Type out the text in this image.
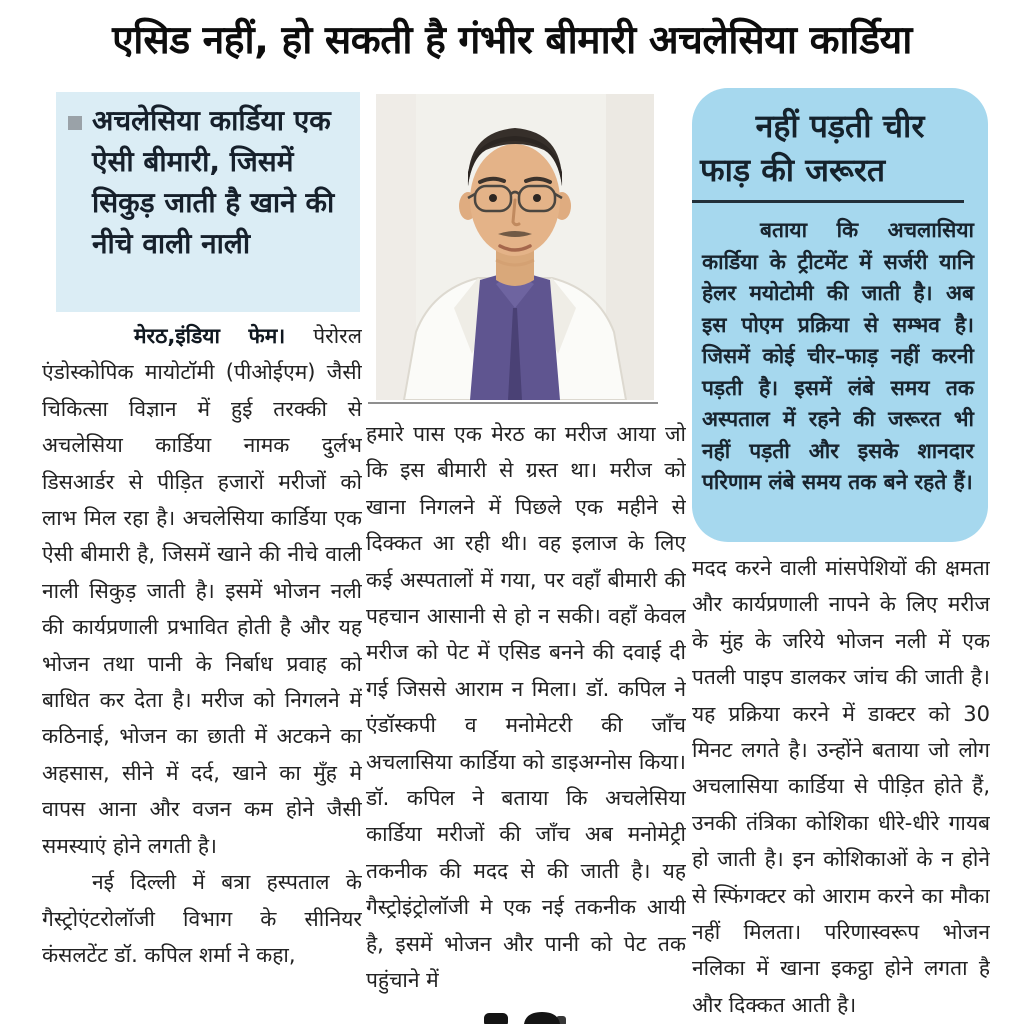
एसिड नहीं, हो सकती है गंभीर बीमारी अचलेसिया कार्डिया
अचलेसिया कार्डिया एक ऐसी बीमारी, जिसमें सिकुड़ जाती है खाने की नीचे वाली नाली

मेरठ,इंडिया फेम। पेरोरल एंडोस्कोपिक मायोटॉमी (पीओईएम) जैसी चिकित्सा विज्ञान में हुई तरक्की से अचलेसिया कार्डिया नामक दुर्लभ डिसआर्डर से पीड़ित हजारों मरीजों को लाभ मिल रहा है। अचलेसिया कार्डिया एक ऐसी बीमारी है, जिसमें खाने की नीचे वाली नाली सिकुड़ जाती है। इसमें भोजन नली की कार्यप्रणाली प्रभावित होती है और यह भोजन तथा पानी के निर्बाध प्रवाह को बाधित कर देता है। मरीज को निगलने में कठिनाई, भोजन का छाती में अटकने का अहसास, सीने में दर्द, खाने का मुँह मे वापस आना और वजन कम होने जैसी समस्याएं होने लगती है।

नई दिल्ली में बत्रा हस्पताल के गैस्ट्रोएंटरोलॉजी विभाग के सीनियर कंसलटेंट डॉ. कपिल शर्मा ने कहा,

हमारे पास एक मेरठ का मरीज आया जो कि इस बीमारी से ग्रस्त था। मरीज को खाना निगलने में पिछले एक महीने से दिक्कत आ रही थी। वह इलाज के लिए कई अस्पतालों में गया, पर वहाँ बीमारी की पहचान आसानी से हो न सकी। वहाँ केवल मरीज को पेट में एसिड बनने की दवाई दी गई जिससे आराम न मिला। डॉ. कपिल ने एंडॉस्कपी व मनोमेटरी की जाँच अचलासिया कार्डिया को डाइअग्नोस किया। डॉ. कपिल ने बताया कि अचलेसिया कार्डिया मरीजों की जाँच अब मनोमेट्री तकनीक की मदद से की जाती है। यह गैस्ट्रोइंट्रोलॉजी मे एक नई तकनीक आयी है, इसमें भोजन और पानी को पेट तक पहुंचाने में

नहीं पड़ती चीर
फाड़ की जरूरत
बताया कि अचलासिया कार्डिया के ट्रीटमेंट में सर्जरी यानि हेलर मयोटोमी की जाती है। अब इस पोएम प्रक्रिया से सम्भव है। जिसमें कोई चीर–फाड़ नहीं करनी पड़ती है। इसमें लंबे समय तक अस्पताल में रहने की जरूरत भी नहीं पड़ती और इसके शानदार परिणाम लंबे समय तक बने रहते हैं।

मदद करने वाली मांसपेशियों की क्षमता और कार्यप्रणाली नापने के लिए मरीज के मुंह के जरिये भोजन नली में एक पतली पाइप डालकर जांच की जाती है। यह प्रक्रिया करने में डाक्टर को 30 मिनट लगते है। उन्होंने बताया जो लोग अचलासिया कार्डिया से पीड़ित होते हैं, उनकी तंत्रिका कोशिका धीरे-धीरे गायब हो जाती है। इन कोशिकाओं के न होने से स्फिंगक्टर को आराम करने का मौका नहीं मिलता। परिणास्वरूप भोजन नलिका में खाना इकट्ठा होने लगता है और दिक्कत आती है।
